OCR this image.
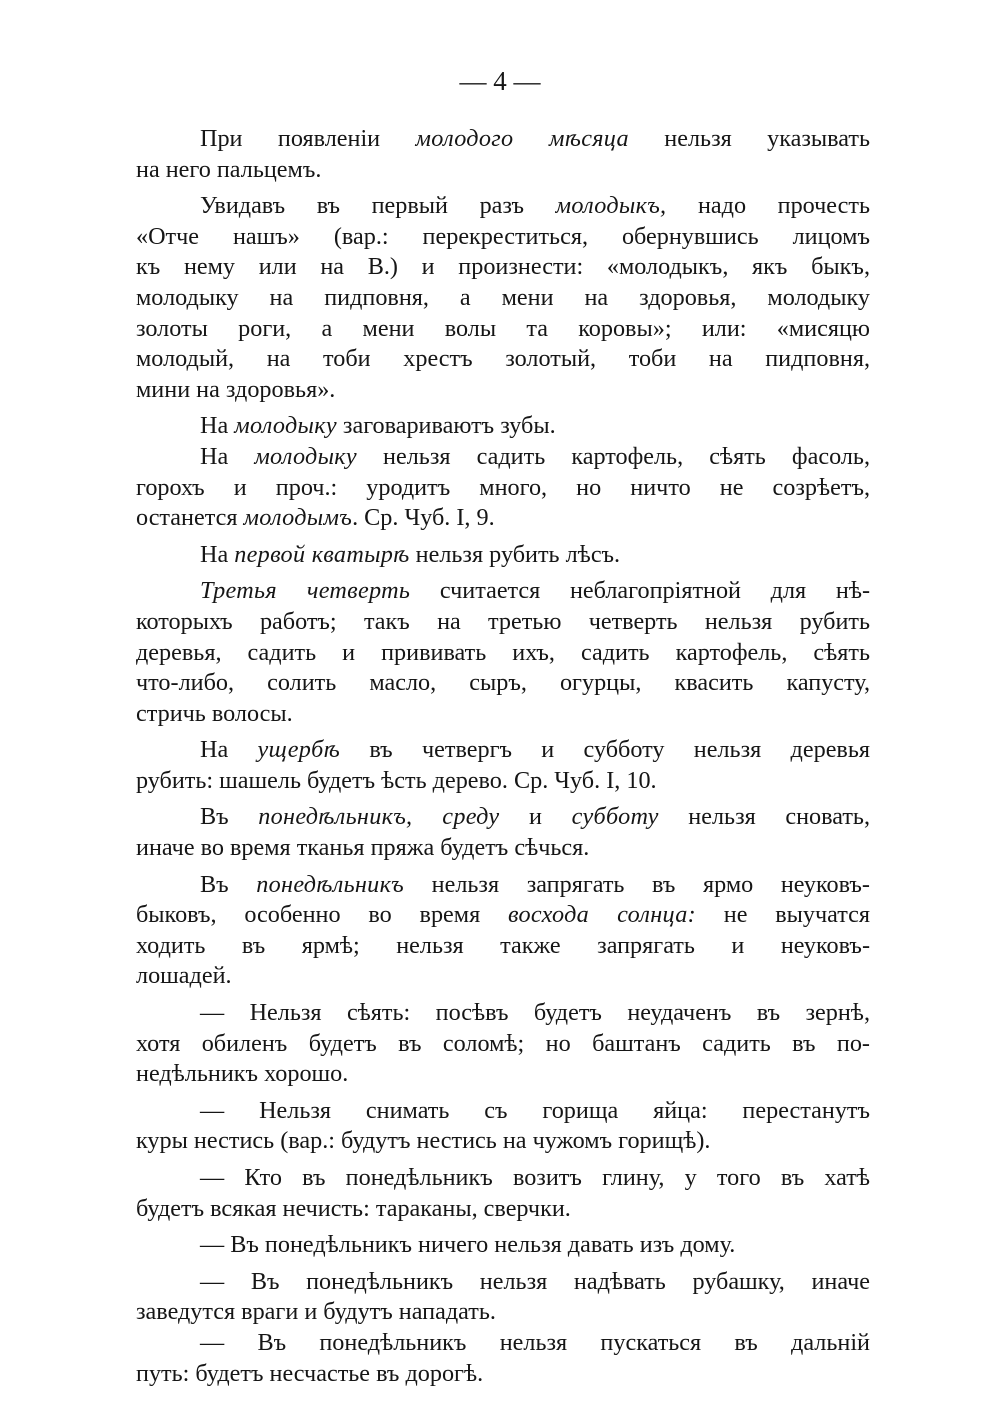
— 4 —

При появленіи молодого мѣсяца нельзя указывать
на него пальцемъ.

Увидавъ въ первый разъ молодыкъ, надо прочесть
«Отче нашъ» (вар.: перекреститься, обернувшись лицомъ
къ нему или на В.) и произнести: «молодыкъ, якъ быкъ,
молодыку на пидповня, а мени на здоровья, молодыку
золоты роги, а мени волы та коровы»; или: «мисяцю
молодый, на тоби хрестъ золотый, тоби на пидповня,
мини на здоровья».

На молодыку заговариваютъ зубы.

На молодыку нельзя садить картофель, сѣять фасоль,
горохъ и проч.: уродитъ много, но ничто не созрѣетъ,
останется молодымъ. Ср. Чуб. I, 9.

На первой кватырѣ нельзя рубить лѣсъ.

Третья четверть считается неблагопріятной для нѣ-
которыхъ работъ; такъ на третью четверть нельзя рубить
деревья, садить и прививать ихъ, садить картофель, сѣять
что-либо, солить масло, сыръ, огурцы, квасить капусту,
стричь волосы.

На ущербѣ въ четвергъ и субботу нельзя деревья
рубить: шашель будетъ ѣсть дерево. Ср. Чуб. I, 10.

Въ понедѣльникъ, среду и субботу нельзя сновать,
иначе во время тканья пряжа будетъ сѣчься.

Въ понедѣльникъ нельзя запрягать въ ярмо неуковъ-
быковъ, особенно во время восхода солнца: не выучатся
ходить въ ярмѣ; нельзя также запрягать и неуковъ-
лошадей.

— Нельзя сѣять: посѣвъ будетъ неудаченъ въ зернѣ,
хотя обиленъ будетъ въ соломѣ; но баштанъ садить въ по-
недѣльникъ хорошо.

— Нельзя снимать съ горища яйца: перестанутъ
куры нестись (вар.: будутъ нестись на чужомъ горищѣ).

— Кто въ понедѣльникъ возитъ глину, у того въ хатѣ
будетъ всякая нечисть: тараканы, сверчки.

— Въ понедѣльникъ ничего нельзя давать изъ дому.

— Въ понедѣльникъ нельзя надѣвать рубашку, иначе
заведутся враги и будутъ нападать.

— Въ понедѣльникъ нельзя пускаться въ дальній
путь: будетъ несчастье въ дорогѣ.
